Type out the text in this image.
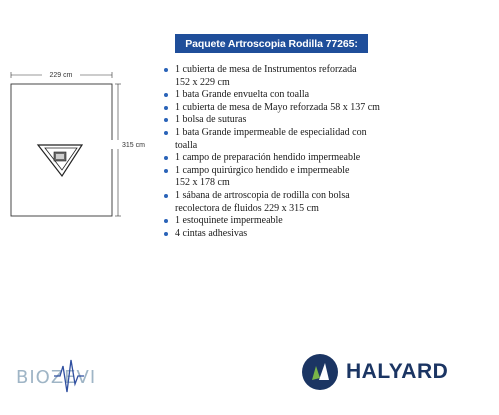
Paquete Artroscopia Rodilla 77265:
229 cm
315 cm
1 cubierta de mesa de Instrumentos reforzada
152 x 229 cm
1 bata Grande envuelta con toalla
1 cubierta de mesa de Mayo reforzada 58 x 137 cm
1 bolsa de suturas
1 bata Grande impermeable de especialidad con
toalla
1 campo de preparación hendido impermeable
1 campo quirúrgico hendido e impermeable
152 x 178 cm
1 sábana de artroscopia de rodilla con bolsa
recolectora de fluidos 229 x 315 cm
1 estoquinete impermeable
4 cintas adhesivas
BIOZEVI	HALYARD
